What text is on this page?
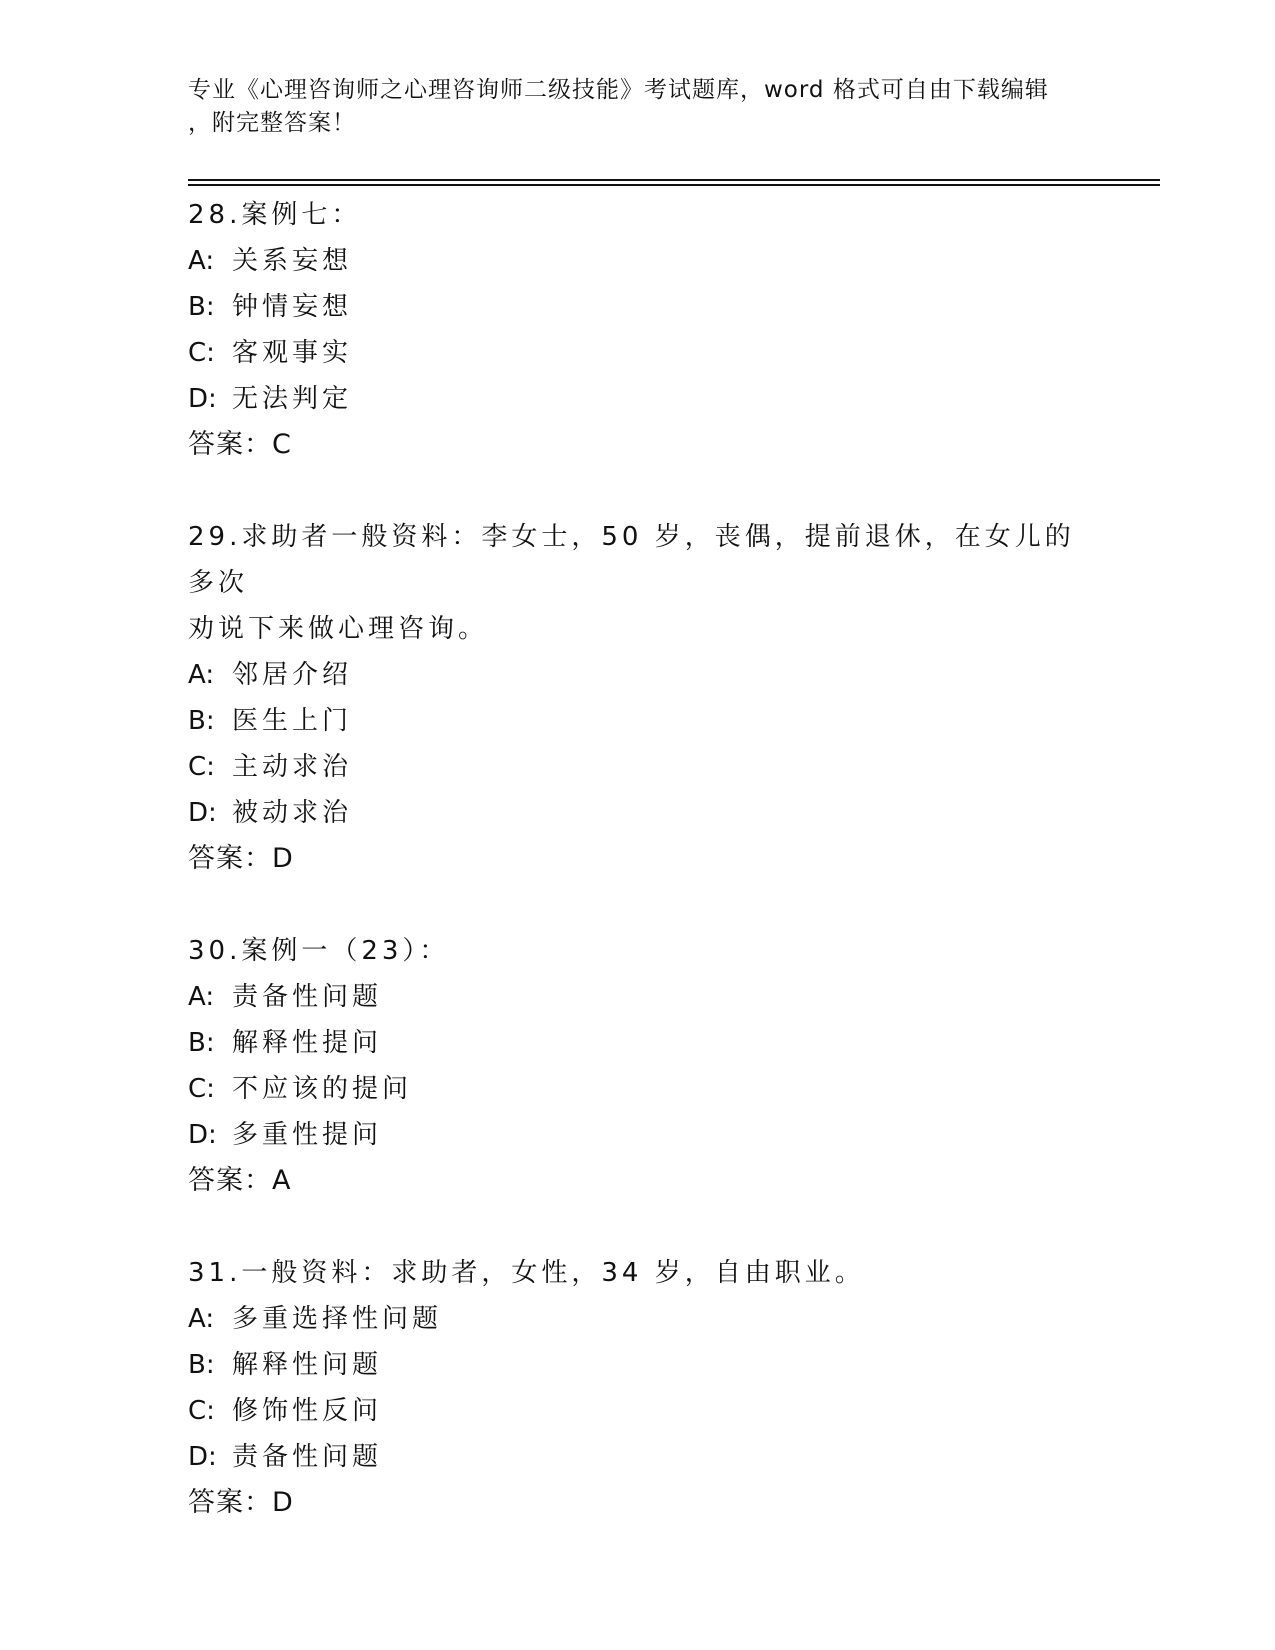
专业《心理咨询师之心理咨询师二级技能》考试题库，word 格式可自由下载编辑
，附完整答案！

28.案例七：

A: 关系妄想

B: 钟情妄想

C: 客观事实

D: 无法判定

答案：C

29.求助者一般资料：李女士，50 岁，丧偶，提前退休，在女儿的多次

劝说下来做心理咨询。

A: 邻居介绍

B: 医生上门

C: 主动求治

D: 被动求治

答案：D

30.案例一（23）：

A: 责备性问题

B: 解释性提问

C: 不应该的提问

D: 多重性提问

答案：A

31.一般资料：求助者，女性，34 岁，自由职业。

A: 多重选择性问题

B: 解释性问题

C: 修饰性反问

D: 责备性问题

答案：D
